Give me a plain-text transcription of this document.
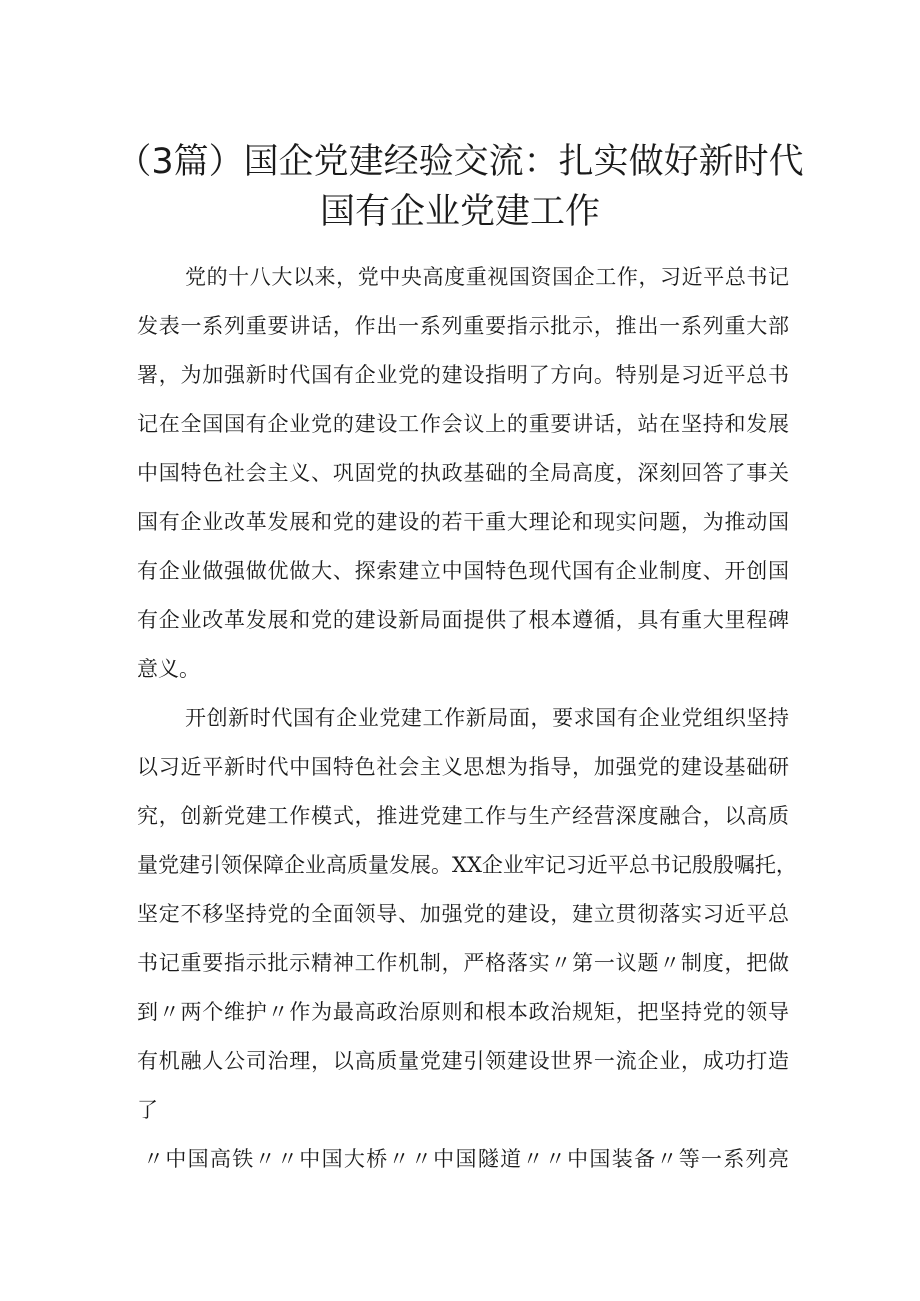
（3篇）国企党建经验交流：扎实做好新时代
国有企业党建工作

党的十八大以来，党中央高度重视国资国企工作，习近平总书记

发表一系列重要讲话，作出一系列重要指示批示，推出一系列重大部

署，为加强新时代国有企业党的建设指明了方向。特别是习近平总书

记在全国国有企业党的建设工作会议上的重要讲话，站在坚持和发展

中国特色社会主义、巩固党的执政基础的全局高度，深刻回答了事关

国有企业改革发展和党的建设的若干重大理论和现实问题，为推动国

有企业做强做优做大、探索建立中国特色现代国有企业制度、开创国

有企业改革发展和党的建设新局面提供了根本遵循，具有重大里程碑

意义。

开创新时代国有企业党建工作新局面，要求国有企业党组织坚持

以习近平新时代中国特色社会主义思想为指导，加强党的建设基础研

究，创新党建工作模式，推进党建工作与生产经营深度融合，以高质

量党建引领保障企业高质量发展。XX企业牢记习近平总书记殷殷嘱托，

坚定不移坚持党的全面领导、加强党的建设，建立贯彻落实习近平总

书记重要指示批示精神工作机制，严格落实〃第一议题〃制度，把做

到〃两个维护〃作为最高政治原则和根本政治规矩，把坚持党的领导

有机融人公司治理，以高质量党建引领建设世界一流企业，成功打造

了

〃中国高铁〃〃中国大桥〃〃中国隧道〃〃中国装备〃等一系列亮
